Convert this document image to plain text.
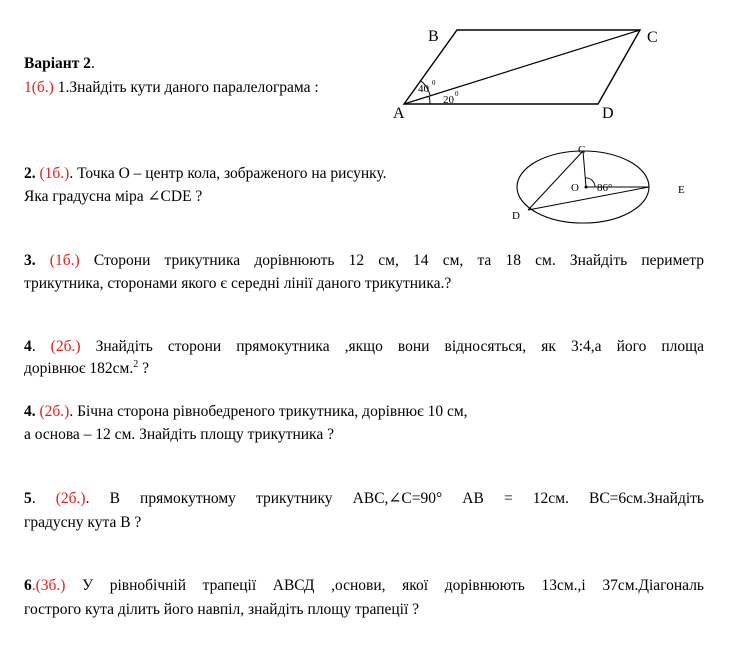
Варіант 2.
1(б.) 1.Знайдіть кути даного паралелограма :
B	C
A	D
40 0
20 0
2. (1б.). Точка О – центр кола, зображеного на рисунку.
Яка градусна міра ∠CDE ?
C
O 86°	E
D
3. (1б.) Сторони трикутника дорівнюють 12 см, 14 см, та 18 см. Знайдіть периметр
трикутника, сторонами якого є середні лінії даного трикутника.?
4. (2б.) Знайдіть сторони прямокутника ,якщо вони відносяться, як 3:4,а його площа
дорівнює 182см.$^2$ ?
4. (2б.). Бічна сторона рівнобедреного трикутника, дорівнює 10 см,
а основа – 12 см. Знайдіть площу трикутника ?
5. (2б.). В прямокутному трикутнику АВС,∠С=90° АВ = 12см. ВС=6см.Знайдіть
градусну кута В ?
6.(3б.) У рівнобічній трапеції АВСД ,основи, якої дорівнюють 13см.,і 37см.Діагональ
гострого кута ділить його навпіл, знайдіть площу трапеції ?
